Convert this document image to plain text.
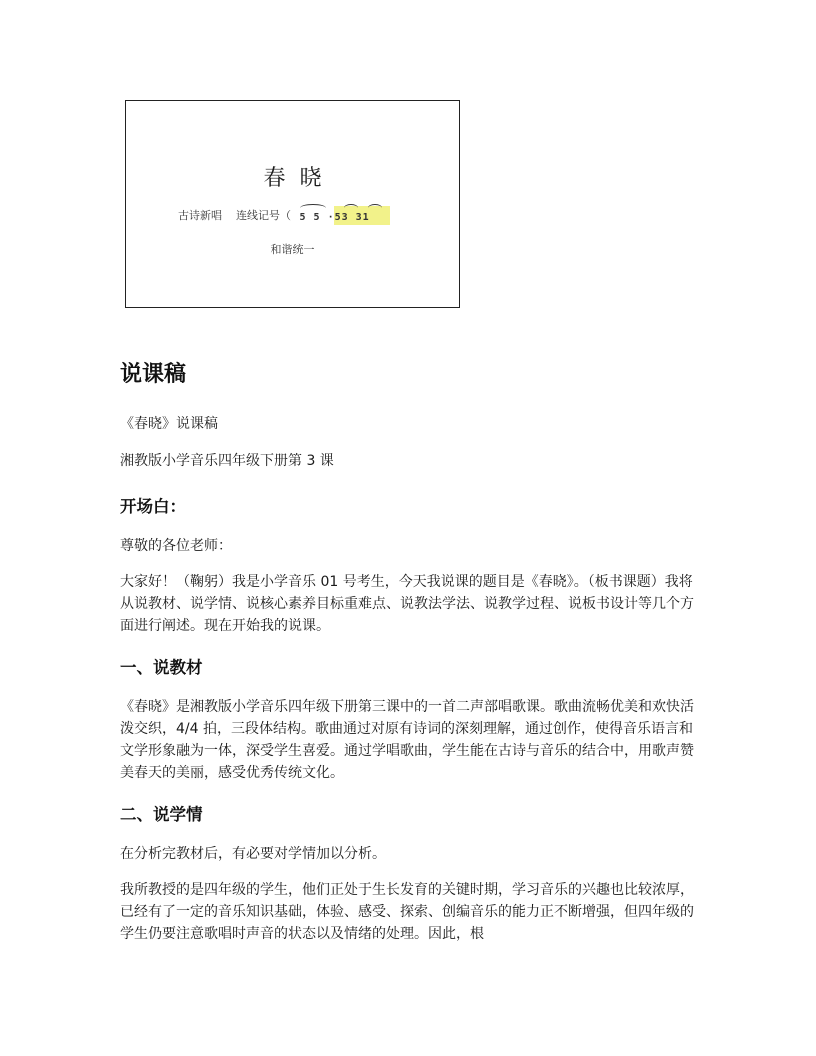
春晓
古诗新唱 连线记号（ 5 5 ·53 31
和谐统一
说课稿
《春晓》说课稿
湘教版小学音乐四年级下册第 3 课
开场白：
尊敬的各位老师：
大家好！（鞠躬）我是小学音乐 01 号考生，今天我说课的题目是《春晓》。（板书课题）我将从说教材、说学情、说核心素养目标重难点、说教法学法、说教学过程、说板书设计等几个方面进行阐述。现在开始我的说课。
一、说教材
《春晓》是湘教版小学音乐四年级下册第三课中的一首二声部唱歌课。歌曲流畅优美和欢快活泼交织，4/4 拍，三段体结构。歌曲通过对原有诗词的深刻理解，通过创作，使得音乐语言和文学形象融为一体，深受学生喜爱。通过学唱歌曲，学生能在古诗与音乐的结合中，用歌声赞美春天的美丽，感受优秀传统文化。
二、说学情
在分析完教材后，有必要对学情加以分析。
我所教授的是四年级的学生，他们正处于生长发育的关键时期，学习音乐的兴趣也比较浓厚，已经有了一定的音乐知识基础，体验、感受、探索、创编音乐的能力正不断增强，但四年级的学生仍要注意歌唱时声音的状态以及情绪的处理。因此，根
